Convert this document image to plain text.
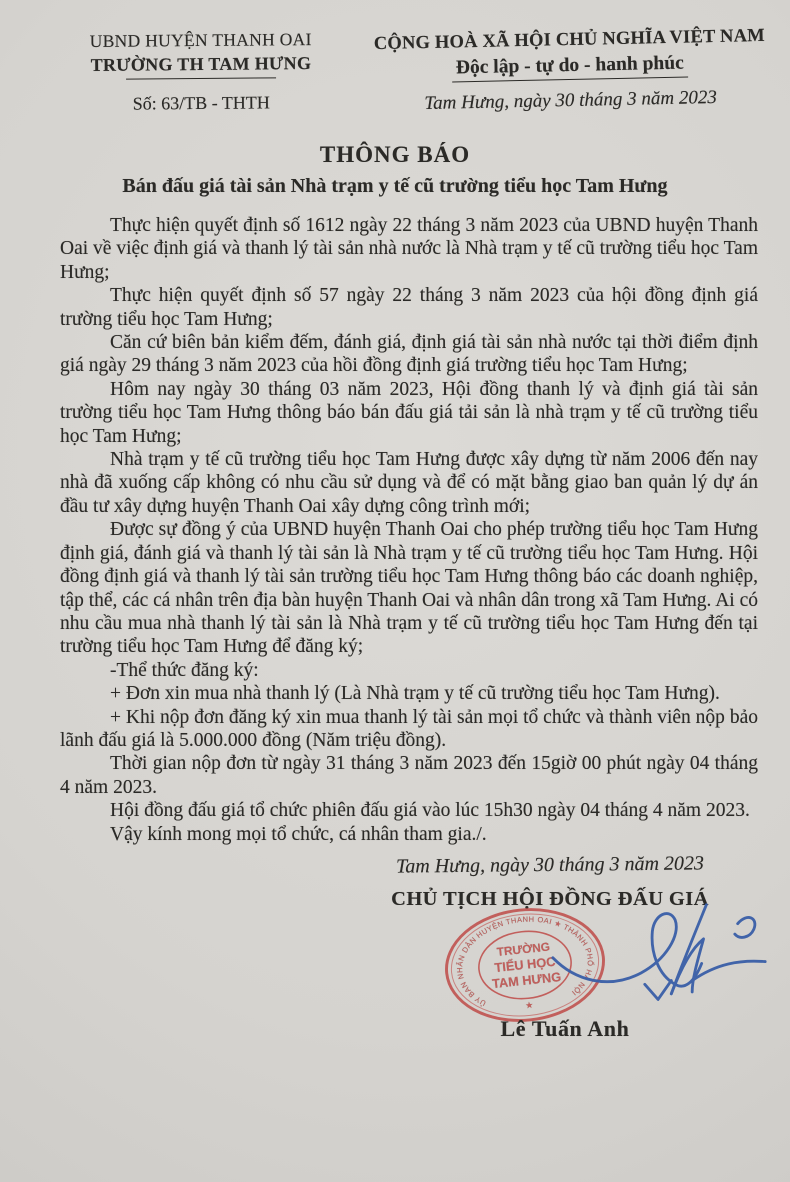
UBND HUYỆN THANH OAI
TRƯỜNG TH TAM HƯNG
Số: 63/TB - THTH
CỘNG HOÀ XÃ HỘI CHỦ NGHĨA VIỆT NAM
Độc lập - tự do - hanh phúc
Tam Hưng, ngày 30 tháng 3 năm 2023
THÔNG BÁO
Bán đấu giá tài sản Nhà trạm y tế cũ trường tiểu học Tam Hưng

Thực hiện quyết định số 1612 ngày 22 tháng 3 năm 2023 của UBND huyện Thanh Oai về việc định giá và thanh lý tài sản nhà nước là Nhà trạm y tế cũ trường tiểu học Tam Hưng;

Thực hiện quyết định số 57 ngày 22 tháng 3 năm 2023 của hội đồng định giá trường tiểu học Tam Hưng;

Căn cứ biên bản kiểm đếm, đánh giá, định giá tài sản nhà nước tại thời điểm định giá ngày 29 tháng 3 năm 2023 của hồi đồng định giá trường tiểu học Tam Hưng;

Hôm nay ngày 30 tháng 03 năm 2023, Hội đồng thanh lý và định giá tài sản trường tiểu học Tam Hưng thông báo bán đấu giá tải sản là nhà trạm y tế cũ trường tiểu học Tam Hưng;

Nhà trạm y tế cũ trường tiểu học Tam Hưng được xây dựng từ năm 2006 đến nay nhà đã xuống cấp không có nhu cầu sử dụng và để có mặt bằng giao ban quản lý dự án đầu tư xây dựng huyện Thanh Oai xây dựng công trình mới;

Được sự đồng ý của UBND huyện Thanh Oai cho phép trường tiểu học Tam Hưng định giá, đánh giá và thanh lý tài sản là Nhà trạm y tế cũ trường tiểu học Tam Hưng. Hội đồng định giá và thanh lý tài sản trường tiểu học Tam Hưng thông báo các doanh nghiệp, tập thể, các cá nhân trên địa bàn huyện Thanh Oai và nhân dân trong xã Tam Hưng. Ai có nhu cầu mua nhà thanh lý tài sản là Nhà trạm y tế cũ trường tiểu học Tam Hưng đến tại trường tiểu học Tam Hưng để đăng ký;

-Thể thức đăng ký:

+ Đơn xin mua nhà thanh lý (Là Nhà trạm y tế cũ trường tiểu học Tam Hưng).

+ Khi nộp đơn đăng ký xin mua thanh lý tài sản mọi tổ chức và thành viên nộp bảo lãnh đấu giá là 5.000.000 đồng (Năm triệu đồng).

Thời gian nộp đơn từ ngày 31 tháng 3 năm 2023 đến 15giờ 00 phút ngày 04 tháng 4 năm 2023.

Hội đồng đấu giá tổ chức phiên đấu giá vào lúc 15h30 ngày 04 tháng 4 năm 2023.

Vậy kính mong mọi tổ chức, cá nhân tham gia./.

Tam Hưng, ngày 30 tháng 3 năm 2023
CHỦ TỊCH HỘI ĐỒNG ĐẤU GIÁ
ỦY BAN NHÂN DÂN HUYỆN THANH OAI ★ THÀNH PHỐ HÀ NỘI
★
TRƯỜNG
TIỂU HỌC
TAM HƯNG
Lê Tuấn Anh
